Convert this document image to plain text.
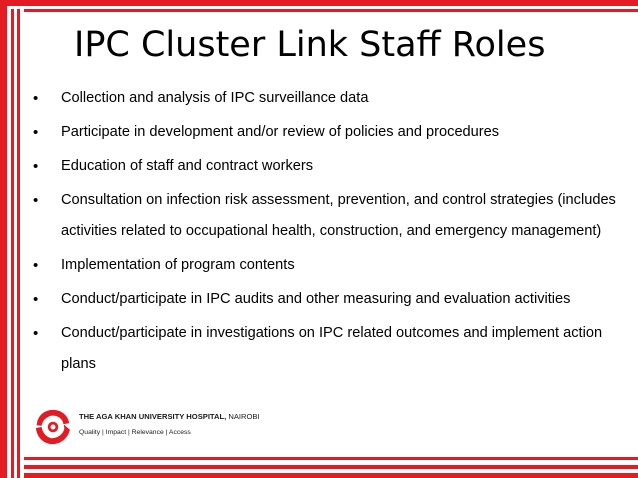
IPC Cluster Link Staff Roles
• Collection and analysis of IPC surveillance data
• Participate in development and/or review of policies and procedures
• Education of staff and contract workers
• Consultation on infection risk assessment, prevention, and control strategies (includes activities related to occupational health, construction, and emergency management)
• Implementation of program contents
• Conduct/participate in IPC audits and other measuring and evaluation activities
• Conduct/participate in investigations on IPC related outcomes and implement action plans
THE AGA KHAN UNIVERSITY HOSPITAL, NAIROBI
Quality | Impact | Relevance | Access
